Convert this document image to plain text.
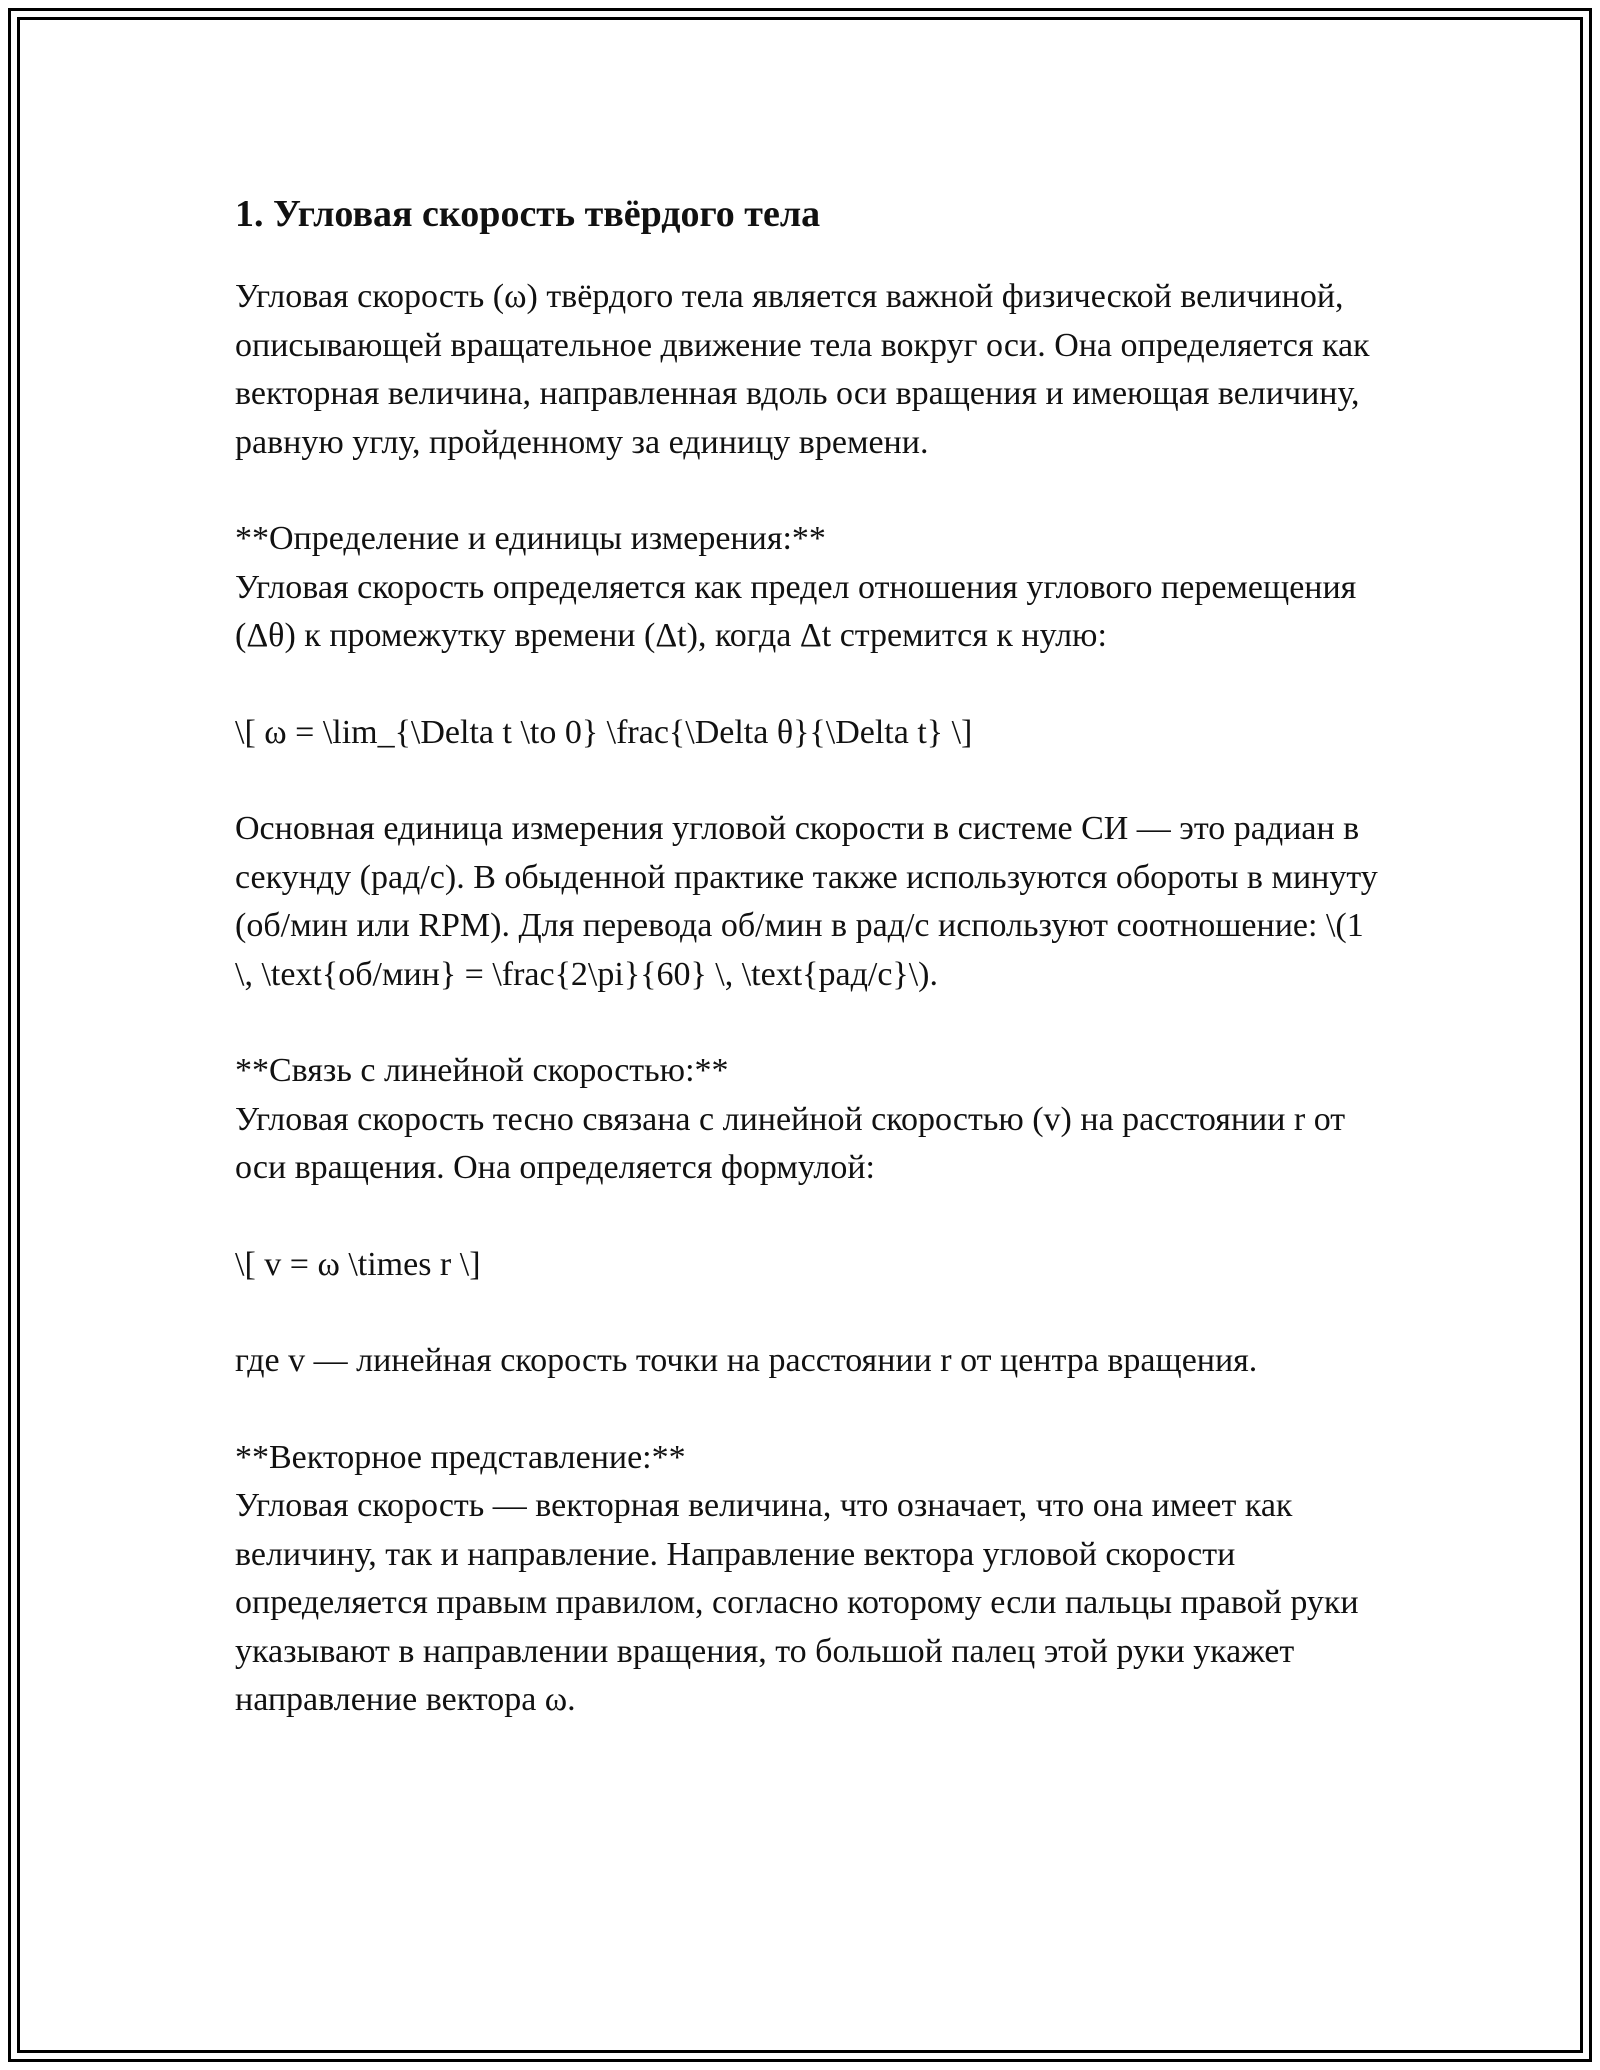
1. Угловая скорость твёрдого тела

Угловая скорость (ω) твёрдого тела является важной физической величиной, описывающей вращательное движение тела вокруг оси. Она определяется как векторная величина, направленная вдоль оси вращения и имеющая величину, равную углу, пройденному за единицу времени.

**Определение и единицы измерения:**
Угловая скорость определяется как предел отношения углового перемещения (Δθ) к промежутку времени (Δt), когда Δt стремится к нулю:

\[ ω = \lim_{\Delta t \to 0} \frac{\Delta θ}{\Delta t} \]

Основная единица измерения угловой скорости в системе СИ — это радиан в секунду (рад/с). В обыденной практике также используются обороты в минуту (об/мин или RPM). Для перевода об/мин в рад/с используют соотношение: \(1 \, \text{об/мин} = \frac{2\pi}{60} \, \text{рад/с}\).

**Связь с линейной скоростью:**
Угловая скорость тесно связана с линейной скоростью (v) на расстоянии r от оси вращения. Она определяется формулой:

\[ v = ω \times r \]

где v — линейная скорость точки на расстоянии r от центра вращения.

**Векторное представление:**
Угловая скорость — векторная величина, что означает, что она имеет как величину, так и направление. Направление вектора угловой скорости определяется правым правилом, согласно которому если пальцы правой руки указывают в направлении вращения, то большой палец этой руки укажет направление вектора ω.
